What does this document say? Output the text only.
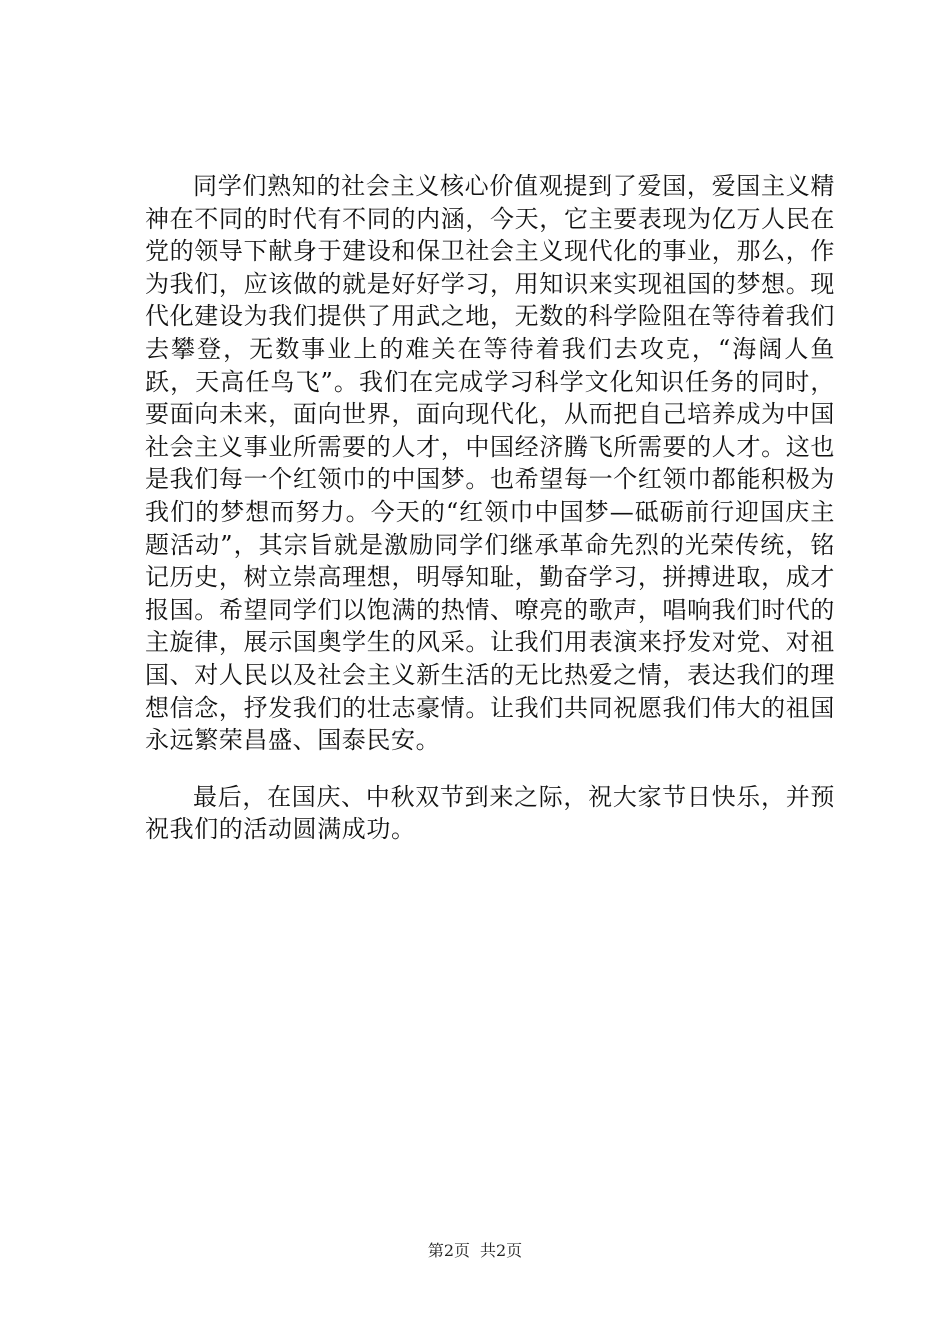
同学们熟知的社会主义核心价值观提到了爱国，爱国主义精神在不同的时代有不同的内涵，今天，它主要表现为亿万人民在党的领导下献身于建设和保卫社会主义现代化的事业，那么，作为我们，应该做的就是好好学习，用知识来实现祖国的梦想。现代化建设为我们提供了用武之地，无数的科学险阻在等待着我们去攀登，无数事业上的难关在等待着我们去攻克，“海阔人鱼跃，天高任鸟飞”。我们在完成学习科学文化知识任务的同时，要面向未来，面向世界，面向现代化，从而把自己培养成为中国社会主义事业所需要的人才，中国经济腾飞所需要的人才。这也是我们每一个红领巾的中国梦。也希望每一个红领巾都能积极为我们的梦想而努力。今天的“红领巾中国梦—砥砺前行迎国庆主题活动”，其宗旨就是激励同学们继承革命先烈的光荣传统，铭记历史，树立崇高理想，明辱知耻，勤奋学习，拼搏进取，成才报国。希望同学们以饱满的热情、嘹亮的歌声，唱响我们时代的主旋律，展示国奥学生的风采。让我们用表演来抒发对党、对祖国、对人民以及社会主义新生活的无比热爱之情，表达我们的理想信念，抒发我们的壮志豪情。让我们共同祝愿我们伟大的祖国永远繁荣昌盛、国泰民安。

最后，在国庆、中秋双节到来之际，祝大家节日快乐，并预祝我们的活动圆满成功。

第2页 共2页
